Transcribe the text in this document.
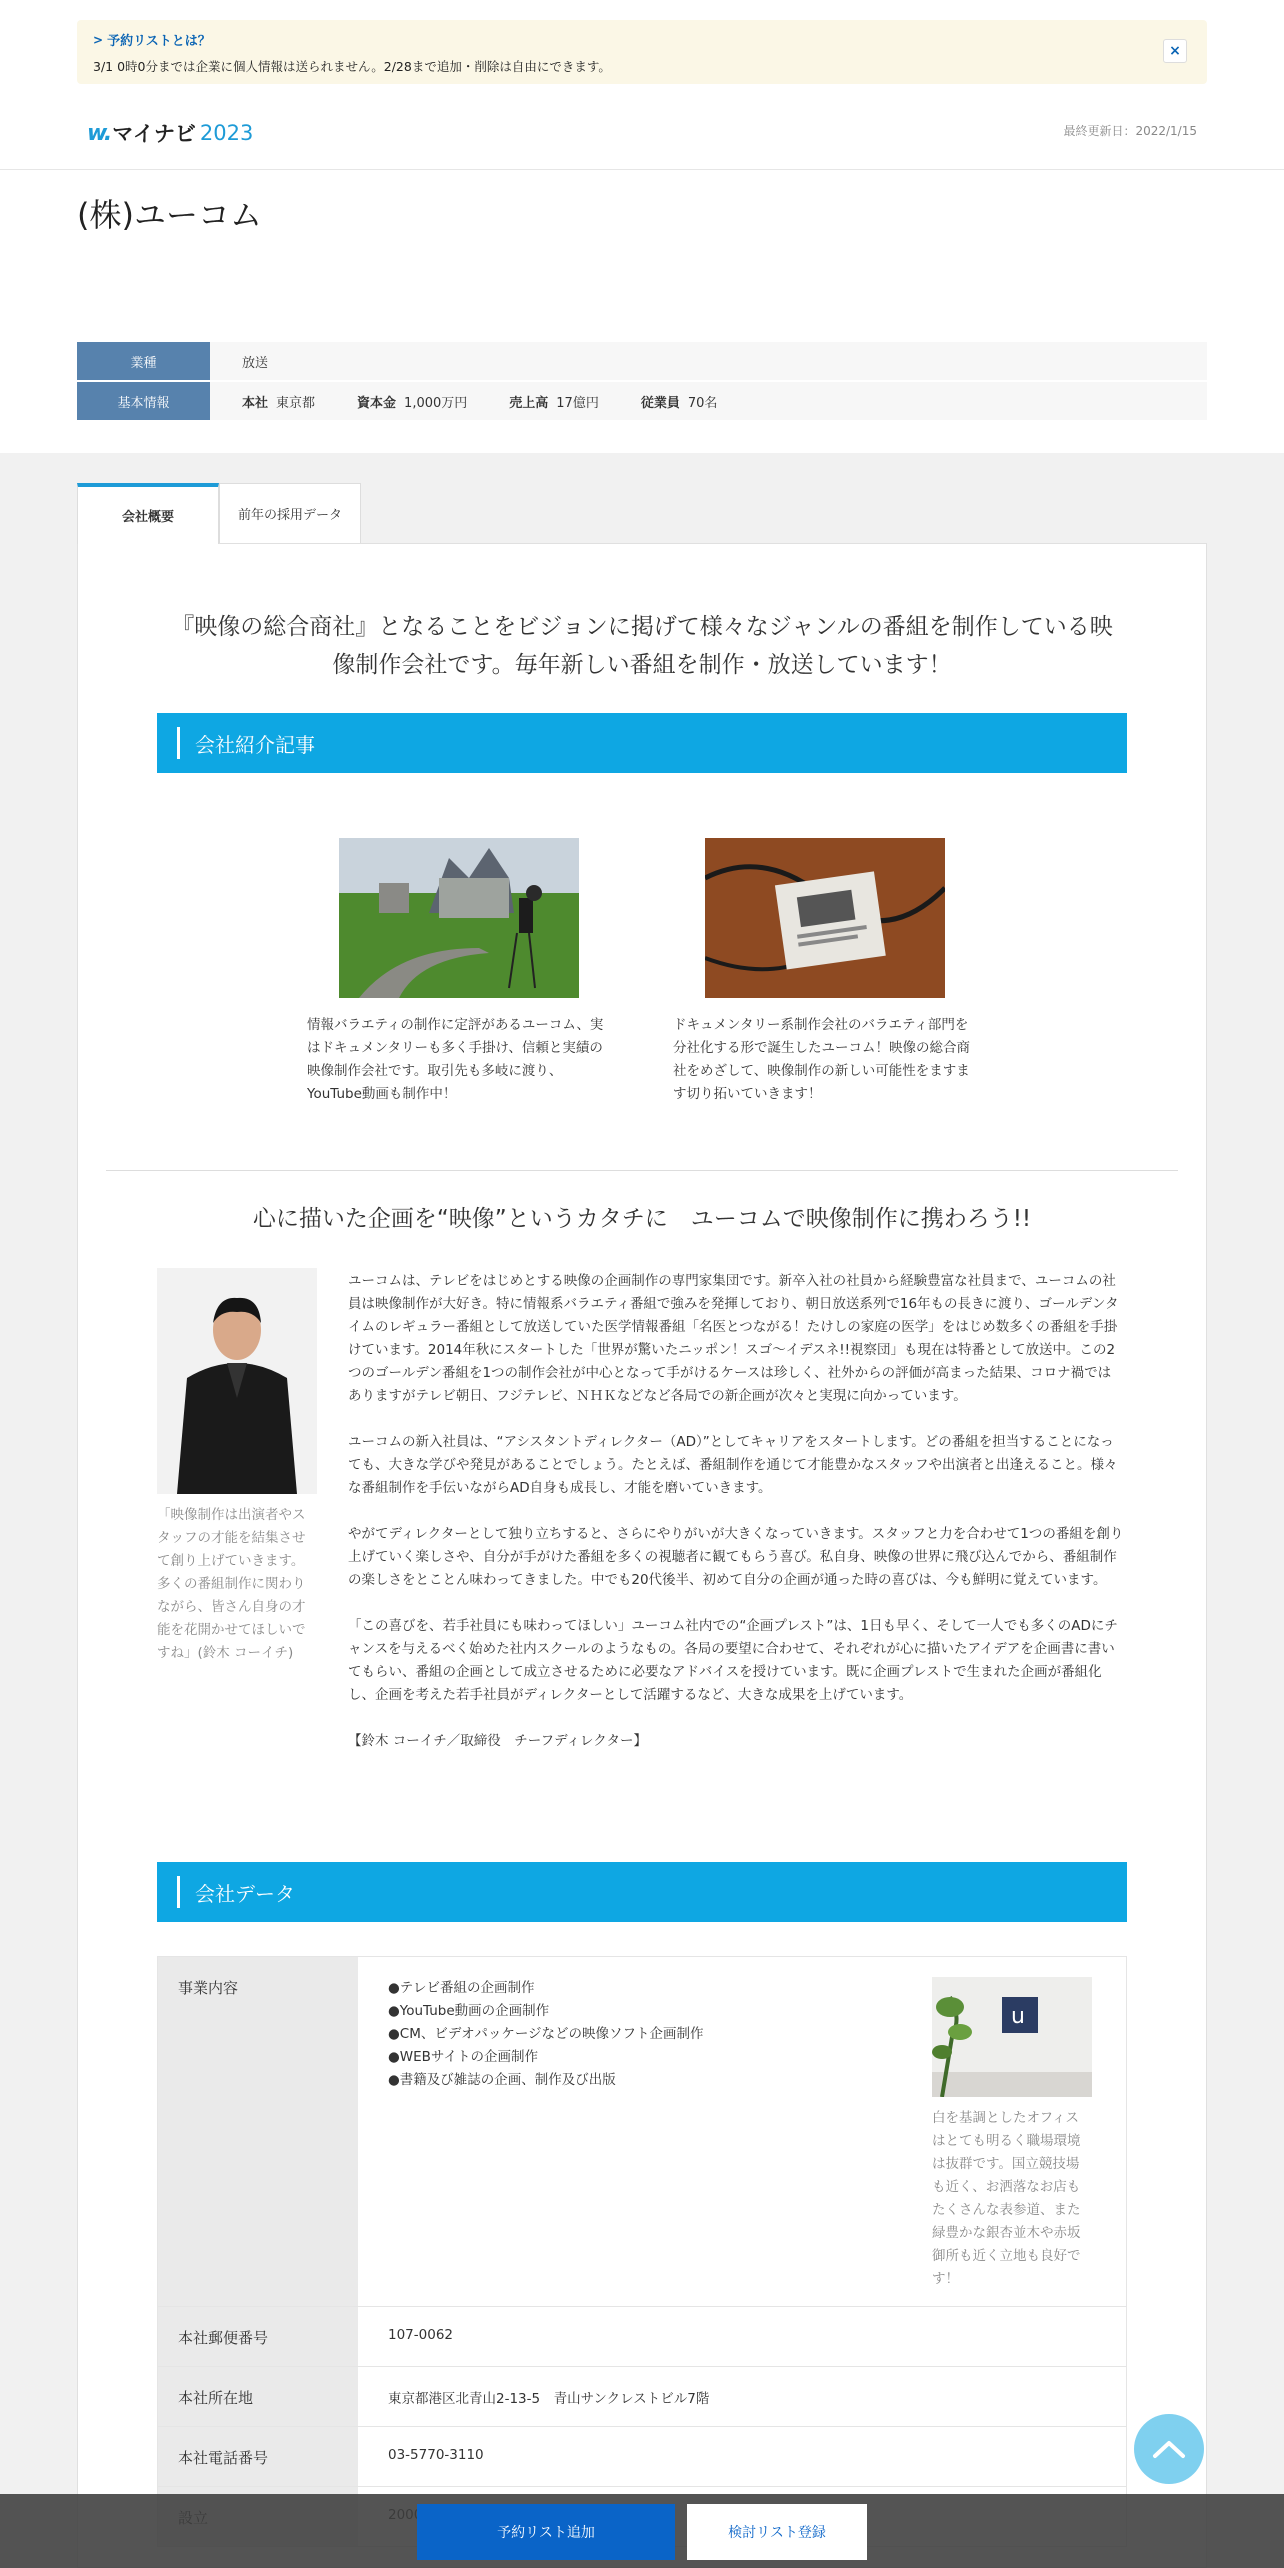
> 予約リストとは？
3/1 0時0分までは企業に個人情報は送られません。2/28まで追加・削除は自由にできます。
×
w. マイナビ 2023	最終更新日：2022/1/15
(株)ユーコム
業種	放送
基本情報	本社 東京都	資本金 1,000万円	売上高 17億円	従業員 70名
会社概要	前年の採用データ
『映像の総合商社』となることをビジョンに掲げて様々なジャンルの番組を制作している映像制作会社です。毎年新しい番組を制作・放送しています！
会社紹介記事
情報バラエティの制作に定評があるユーコム、実はドキュメンタリーも多く手掛け、信頼と実績の映像制作会社です。取引先も多岐に渡り、YouTube動画も制作中！
ドキュメンタリー系制作会社のバラエティ部門を分社化する形で誕生したユーコム！映像の総合商社をめざして、映像制作の新しい可能性をますます切り拓いていきます！
心に描いた企画を“映像”というカタチに　ユーコムで映像制作に携わろう!!
「映像制作は出演者やスタッフの才能を結集させて創り上げていきます。多くの番組制作に関わりながら、皆さん自身の才能を花開かせてほしいですね」(鈴木 コーイチ)

ユーコムは、テレビをはじめとする映像の企画制作の専門家集団です。新卒入社の社員から経験豊富な社員まで、ユーコムの社員は映像制作が大好き。特に情報系バラエティ番組で強みを発揮しており、朝日放送系列で16年もの長きに渡り、ゴールデンタイムのレギュラー番組として放送していた医学情報番組「名医とつながる！たけしの家庭の医学」をはじめ数多くの番組を手掛けています。2014年秋にスタートした「世界が驚いたニッポン！スゴ～イデスネ!!視察団」も現在は特番として放送中。この2つのゴールデン番組を1つの制作会社が中心となって手がけるケースは珍しく、社外からの評価が高まった結果、コロナ禍ではありますがテレビ朝日、フジテレビ、ＮＨＫなどなど各局での新企画が次々と実現に向かっています。

ユーコムの新入社員は、“アシスタントディレクター（AD）”としてキャリアをスタートします。どの番組を担当することになっても、大きな学びや発見があることでしょう。たとえば、番組制作を通じて才能豊かなスタッフや出演者と出逢えること。様々な番組制作を手伝いながらAD自身も成長し、才能を磨いていきます。

やがてディレクターとして独り立ちすると、さらにやりがいが大きくなっていきます。スタッフと力を合わせて1つの番組を創り上げていく楽しさや、自分が手がけた番組を多くの視聴者に観てもらう喜び。私自身、映像の世界に飛び込んでから、番組制作の楽しさをとことん味わってきました。中でも20代後半、初めて自分の企画が通った時の喜びは、今も鮮明に覚えています。

「この喜びを、若手社員にも味わってほしい」ユーコム社内での“企画プレスト”は、1日も早く、そして一人でも多くのADにチャンスを与えるべく始めた社内スクールのようなもの。各局の要望に合わせて、それぞれが心に描いたアイデアを企画書に書いてもらい、番組の企画として成立させるために必要なアドバイスを授けています。既に企画プレストで生まれた企画が番組化し、企画を考えた若手社員がディレクターとして活躍するなど、大きな成果を上げています。

【鈴木 コーイチ／取締役　チーフディレクター】

会社データ
事業内容	●テレビ番組の企画制作
●YouTube動画の企画制作
●CM、ビデオパッケージなどの映像ソフト企画制作
●WEBサイトの企画制作
●書籍及び雑誌の企画、制作及び出版
u
白を基調としたオフィスはとても明るく職場環境は抜群です。国立競技場も近く、お洒落なお店もたくさんな表参道、また緑豊かな銀杏並木や赤坂御所も近く立地も良好です！
本社郵便番号	107-0062
本社所在地	東京都港区北青山2-13-5　青山サンクレストビル7階
本社電話番号	03-5770-3110
予約リスト追加	検討リスト登録
